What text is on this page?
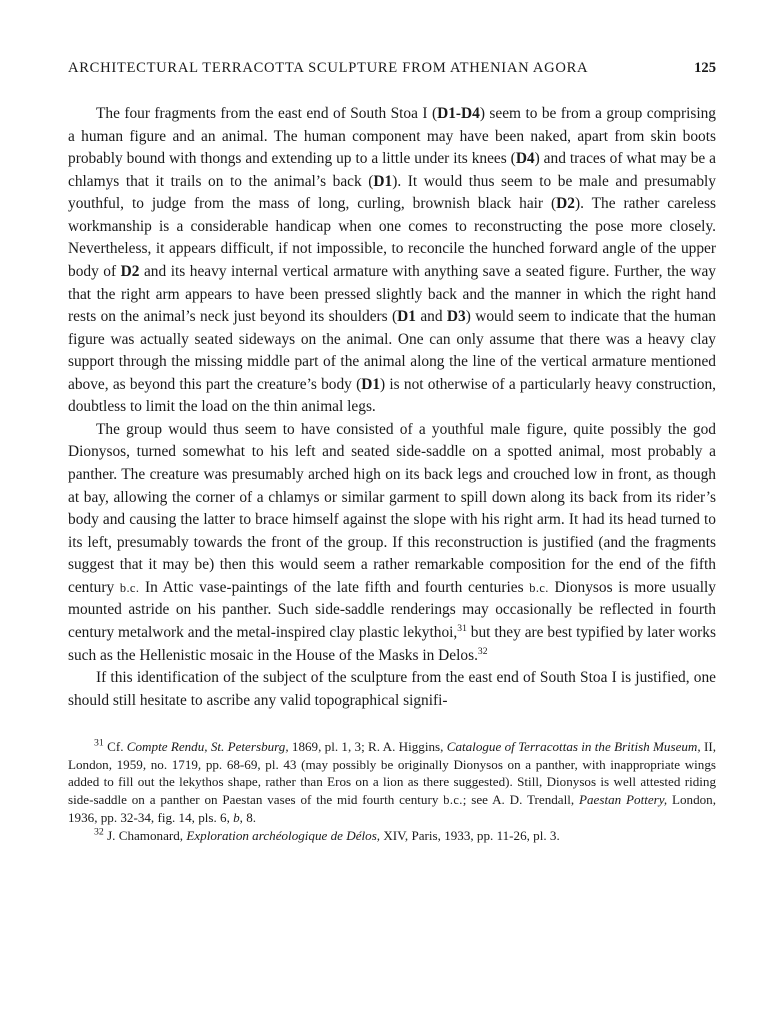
ARCHITECTURAL TERRACOTTA SCULPTURE FROM ATHENIAN AGORA	125

The four fragments from the east end of South Stoa I (D1-D4) seem to be from a group comprising a human figure and an animal. The human component may have been naked, apart from skin boots probably bound with thongs and extending up to a little under its knees (D4) and traces of what may be a chlamys that it trails on to the animal’s back (D1). It would thus seem to be male and presumably youthful, to judge from the mass of long, curling, brownish black hair (D2). The rather careless workmanship is a considerable handicap when one comes to reconstructing the pose more closely. Nevertheless, it appears difficult, if not impossible, to reconcile the hunched forward angle of the upper body of D2 and its heavy internal vertical armature with anything save a seated figure. Further, the way that the right arm appears to have been pressed slightly back and the manner in which the right hand rests on the animal’s neck just beyond its shoulders (D1 and D3) would seem to indicate that the human figure was actually seated sideways on the animal. One can only assume that there was a heavy clay support through the missing middle part of the animal along the line of the vertical armature mentioned above, as beyond this part the creature’s body (D1) is not otherwise of a particularly heavy construction, doubtless to limit the load on the thin animal legs.

The group would thus seem to have consisted of a youthful male figure, quite possibly the god Dionysos, turned somewhat to his left and seated side-saddle on a spotted animal, most probably a panther. The creature was presumably arched high on its back legs and crouched low in front, as though at bay, allowing the corner of a chlamys or similar garment to spill down along its back from its rider’s body and causing the latter to brace himself against the slope with his right arm. It had its head turned to its left, presumably towards the front of the group. If this reconstruction is justified (and the fragments suggest that it may be) then this would seem a rather remarkable composition for the end of the fifth century b.c. In Attic vase-paintings of the late fifth and fourth centuries b.c. Dionysos is more usually mounted astride on his panther. Such side-saddle renderings may occasionally be reflected in fourth century metalwork and the metal-inspired clay plastic lekythoi,$^{31}$ but they are best typified by later works such as the Hellenistic mosaic in the House of the Masks in Delos.$^{32}$

If this identification of the subject of the sculpture from the east end of South Stoa I is justified, one should still hesitate to ascribe any valid topographical signifi-

$^{31}$ Cf. Compte Rendu, St. Petersburg, 1869, pl. 1, 3; R. A. Higgins, Catalogue of Terracottas in the British Museum, II, London, 1959, no. 1719, pp. 68-69, pl. 43 (may possibly be originally Dionysos on a panther, with inappropriate wings added to fill out the lekythos shape, rather than Eros on a lion as there suggested). Still, Dionysos is well attested riding side-saddle on a panther on Paestan vases of the mid fourth century b.c.; see A. D. Trendall, Paestan Pottery, London, 1936, pp. 32-34, fig. 14, pls. 6, b, 8.

$^{32}$ J. Chamonard, Exploration archéologique de Délos, XIV, Paris, 1933, pp. 11-26, pl. 3.
